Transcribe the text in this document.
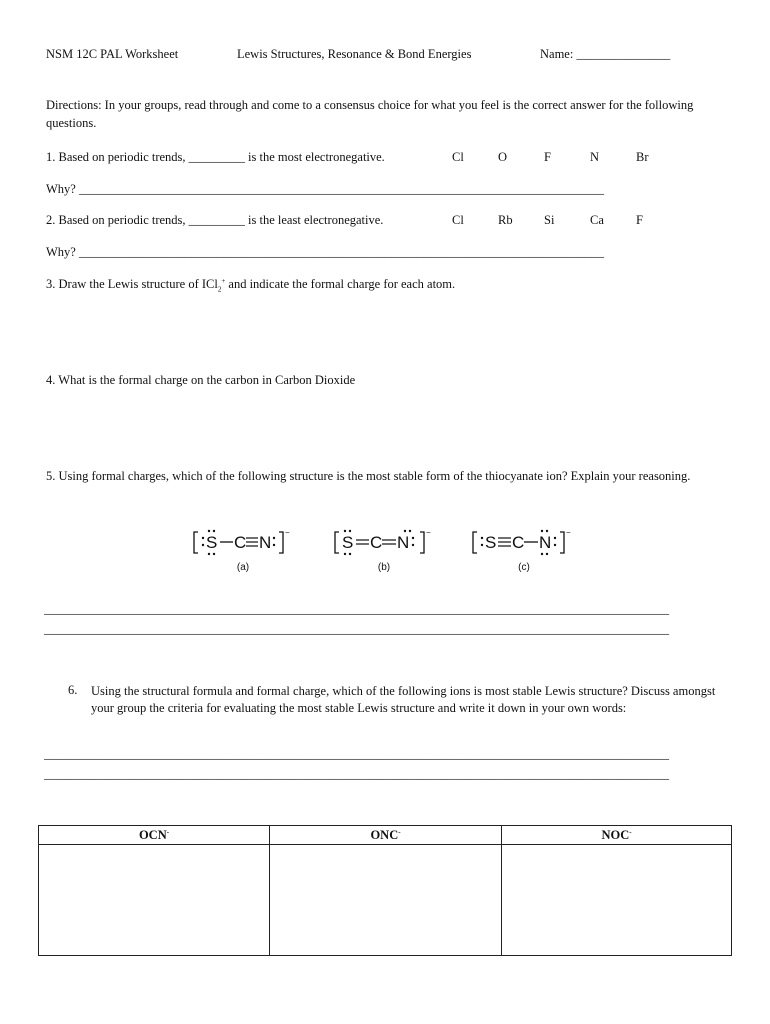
NSM 12C PAL Worksheet	Lewis Structures, Resonance & Bond Energies	Name: _______________
Directions: In your groups, read through and come to a consensus choice for what you feel is the correct answer for the following questions.
1. Based on periodic trends, _________ is the most electronegative.	Cl	O	F	N	Br
Why? ____________________________________________________________________________________
2. Based on periodic trends, _________ is the least electronegative.	Cl	Rb	Si	Ca	F
Why? ____________________________________________________________________________________
3. Draw the Lewis structure of ICl$_2$+ and indicate the formal charge for each atom.
4. What is the formal charge on the carbon in Carbon Dioxide
5. Using formal charges, which of the following structure is the most stable form of the thiocyanate ion? Explain your reasoning.
S C N
−
(a)
S C N
−
(b)
S C N
−
(c)
____________________________________________________________________________________________________
____________________________________________________________________________________________________
6. Using the structural formula and formal charge, which of the following ions is most stable Lewis structure? Discuss amongst your group the criteria for evaluating the most stable Lewis structure and write it down in your own words:
____________________________________________________________________________________________________
____________________________________________________________________________________________________
OCN-	ONC-	NOC-
